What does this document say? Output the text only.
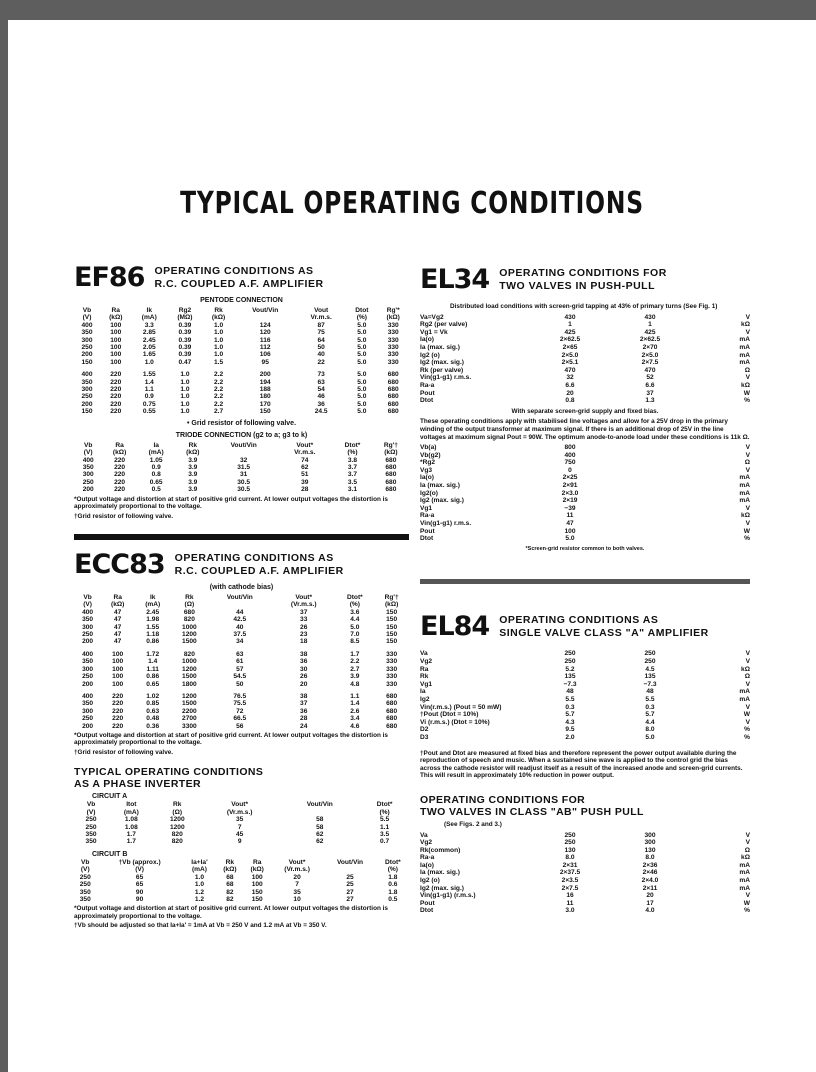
TYPICAL OPERATING CONDITIONS
EF86 OPERATING CONDITIONS AS
R.C. COUPLED A.F. AMPLIFIER
PENTODE CONNECTION
Vb	Ra	Ik	Rg2	Rk	Vout/Vin	Vout	Dtot	Rg'*
(V)	(kΩ)	(mA)	(MΩ)	(kΩ)		Vr.m.s.	(%)	(kΩ)
400	100	3.3	0.39	1.0	124	87	5.0	330
350	100	2.85	0.39	1.0	120	75	5.0	330
300	100	2.45	0.39	1.0	116	64	5.0	330
250	100	2.05	0.39	1.0	112	50	5.0	330
200	100	1.65	0.39	1.0	106	40	5.0	330
150	100	1.0	0.47	1.5	95	22	5.0	330

400	220	1.55	1.0	2.2	200	73	5.0	680
350	220	1.4	1.0	2.2	194	63	5.0	680
300	220	1.1	1.0	2.2	188	54	5.0	680
250	220	0.9	1.0	2.2	180	46	5.0	680
200	220	0.75	1.0	2.2	170	36	5.0	680
150	220	0.55	1.0	2.7	150	24.5	5.0	680
• Grid resistor of following valve.
TRIODE CONNECTION (g2 to a; g3 to k)
Vb	Ra	Ia	Rk	Vout/Vin	Vout*	Dtot*	Rg'†
(V)	(kΩ)	(mA)	(kΩ)		Vr.m.s.	(%)	(kΩ)
400	220	1.05	3.9	32	74	3.8	680
350	220	0.9	3.9	31.5	62	3.7	680
300	220	0.8	3.9	31	51	3.7	680
250	220	0.65	3.9	30.5	39	3.5	680
200	220	0.5	3.9	30.5	28	3.1	680
*Output voltage and distortion at start of positive grid current. At lower output voltages the distortion is approximately proportional to the voltage.
†Grid resistor of following valve.
ECC83 OPERATING CONDITIONS AS
R.C. COUPLED A.F. AMPLIFIER
(with cathode bias)
Vb	Ra	Ik	Rk	Vout/Vin	Vout*	Dtot*	Rg'†
(V)	(kΩ)	(mA)	(Ω)		(Vr.m.s.)	(%)	(kΩ)
400	47	2.45	680	44	37	3.6	150
350	47	1.98	820	42.5	33	4.4	150
300	47	1.55	1000	40	26	5.0	150
250	47	1.18	1200	37.5	23	7.0	150
200	47	0.86	1500	34	18	8.5	150

400	100	1.72	820	63	38	1.7	330
350	100	1.4	1000	61	36	2.2	330
300	100	1.11	1200	57	30	2.7	330
250	100	0.86	1500	54.5	26	3.9	330
200	100	0.65	1800	50	20	4.8	330

400	220	1.02	1200	76.5	38	1.1	680
350	220	0.85	1500	75.5	37	1.4	680
300	220	0.63	2200	72	36	2.6	680
250	220	0.48	2700	66.5	28	3.4	680
200	220	0.36	3300	56	24	4.6	680
*Output voltage and distortion at start of positive grid current. At lower output voltages the distortion is approximately proportional to the voltage.
†Grid resistor of following valve.
TYPICAL OPERATING CONDITIONS
AS A PHASE INVERTER
CIRCUIT A
Vb	Itot	Rk	Vout*	Vout/Vin	Dtot*
(V)	(mA)	(Ω)	(Vr.m.s.)		(%)
250	1.08	1200	35	58	5.5
250	1.08	1200	7	58	1.1
350	1.7	820	45	62	3.5
350	1.7	820	9	62	0.7
CIRCUIT B
Vb	†Vb (approx.)	Ia+Ia'	Rk	Ra	Vout*	Vout/Vin	Dtot*
(V)	(V)	(mA)	(kΩ)	(kΩ)	(Vr.m.s.)		(%)
250	65	1.0	68	100	20	25	1.8
250	65	1.0	68	100	7	25	0.6
350	90	1.2	82	150	35	27	1.8
350	90	1.2	82	150	10	27	0.5
*Output voltage and distortion at start of positive grid current. At lower output voltages the distortion is approximately proportional to the voltage.
†Vb should be adjusted so that Ia+Ia' = 1mA at Vb = 250 V and 1.2 mA at Vb = 350 V.
EL34 OPERATING CONDITIONS FOR
TWO VALVES IN PUSH-PULL
Distributed load conditions with screen-grid tapping at 43% of primary turns (See Fig. 1)
Va=Vg2	430	430	V
Rg2 (per valve)	1	1	kΩ
Vg1 = Vk	425	425	V
Ia(o)	2×62.5	2×62.5	mA
Ia (max. sig.)	2×65	2×70	mA
Ig2 (o)	2×5.0	2×5.0	mA
Ig2 (max. sig.)	2×5.1	2×7.5	mA
Rk (per valve)	470	470	Ω
Vin(g1-g1) r.m.s.	32	52	V
Ra-a	6.6	6.6	kΩ
Pout	20	37	W
Dtot	0.8	1.3	%
With separate screen-grid supply and fixed bias.
These operating conditions apply with stabilised line voltages and allow for a 25V drop in the primary winding of the output transformer at maximum signal. If there is an additional drop of 25V in the line voltages at maximum signal Pout = 90W. The optimum anode-to-anode load under these conditions is 11k Ω.
Vb(a)	800	V
Vb(g2)	400	V
*Rg2	750	Ω
Vg3	0	V
Ia(o)	2×25	mA
Ia (max. sig.)	2×91	mA
Ig2(o)	2×3.0	mA
Ig2 (max. sig.)	2×19	mA
Vg1	−39	V
Ra-a	11	kΩ
Vin(g1-g1) r.m.s.	47	V
Pout	100	W
Dtot	5.0	%
*Screen-grid resistor common to both valves.
EL84 OPERATING CONDITIONS AS
SINGLE VALVE CLASS "A" AMPLIFIER
Va	250	250	V
Vg2	250	250	V
Ra	5.2	4.5	kΩ
Rk	135	135	Ω
Vg1	−7.3	−7.3	V
Ia	48	48	mA
Ig2	5.5	5.5	mA
Vin(r.m.s.) (Pout = 50 mW)	0.3	0.3	V
†Pout (Dtot = 10%)	5.7	5.7	W
Vi (r.m.s.) (Dtot = 10%)	4.3	4.4	V
D2	9.5	8.0	%
D3	2.0	5.0	%
†Pout and Dtot are measured at fixed bias and therefore represent the power output available during the reproduction of speech and music. When a sustained sine wave is applied to the control grid the bias across the cathode resistor will readjust itself as a result of the increased anode and screen-grid currents. This will result in approximately 10% reduction in power output.
OPERATING CONDITIONS FOR
TWO VALVES IN CLASS "AB" PUSH PULL
(See Figs. 2 and 3.)
Va	250	300	V
Vg2	250	300	V
Rk(common)	130	130	Ω
Ra-a	8.0	8.0	kΩ
Ia(o)	2×31	2×36	mA
Ia (max. sig.)	2×37.5	2×46	mA
Ig2 (o)	2×3.5	2×4.0	mA
Ig2 (max. sig.)	2×7.5	2×11	mA
Vin(g1-g1) (r.m.s.)	16	20	V
Pout	11	17	W
Dtot	3.0	4.0	%
